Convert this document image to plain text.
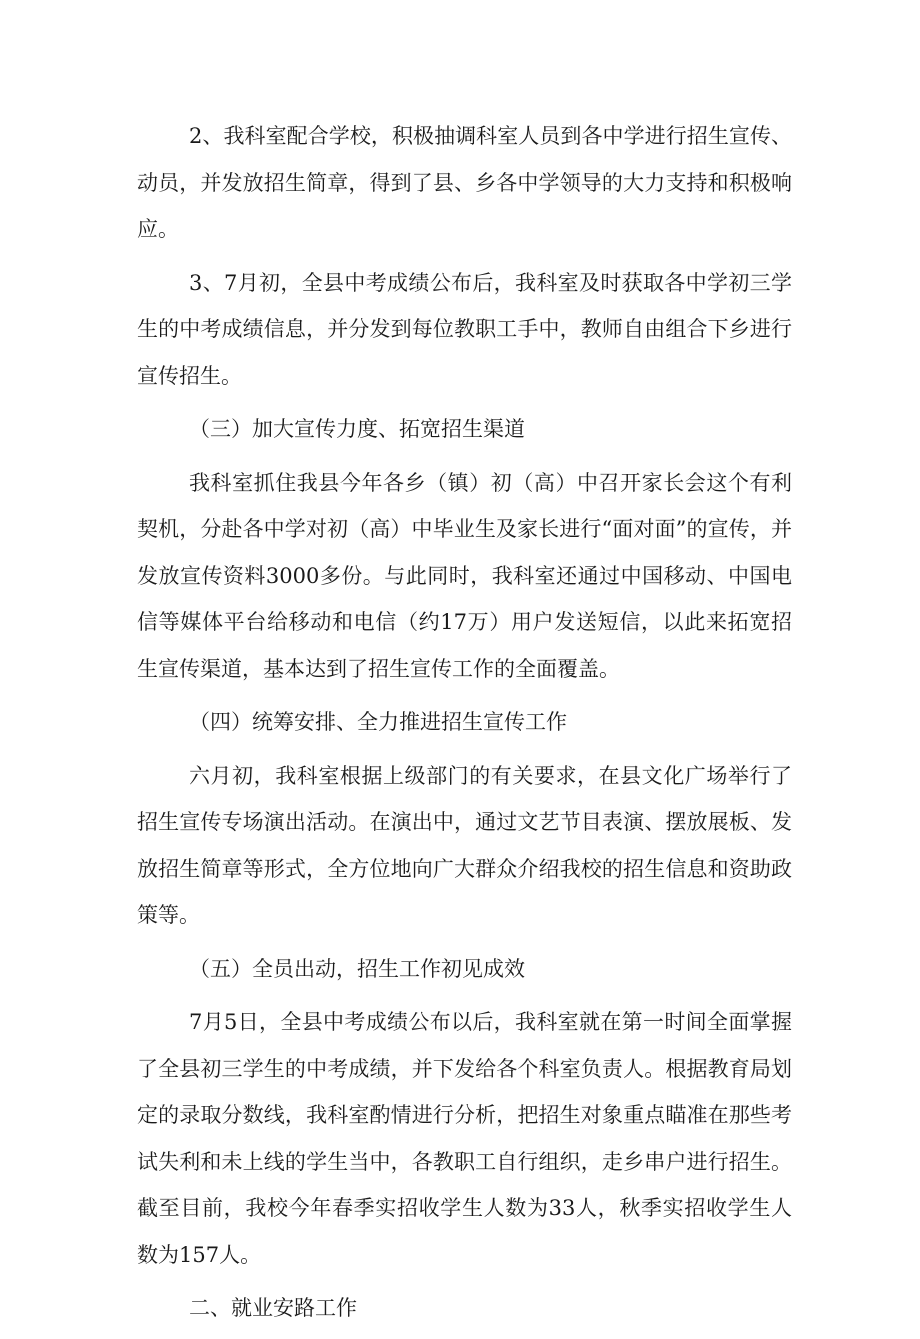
2、我科室配合学校，积极抽调科室人员到各中学进行招生宣传、动员，并发放招生简章，得到了县、乡各中学领导的大力支持和积极响应。

3、7月初，全县中考成绩公布后，我科室及时获取各中学初三学生的中考成绩信息，并分发到每位教职工手中，教师自由组合下乡进行宣传招生。

（三）加大宣传力度、拓宽招生渠道

我科室抓住我县今年各乡（镇）初（高）中召开家长会这个有利契机，分赴各中学对初（高）中毕业生及家长进行“面对面”的宣传，并发放宣传资料3000多份。与此同时，我科室还通过中国移动、中国电信等媒体平台给移动和电信（约17万）用户发送短信，以此来拓宽招生宣传渠道，基本达到了招生宣传工作的全面覆盖。

（四）统筹安排、全力推进招生宣传工作

六月初，我科室根据上级部门的有关要求，在县文化广场举行了招生宣传专场演出活动。在演出中，通过文艺节目表演、摆放展板、发放招生简章等形式，全方位地向广大群众介绍我校的招生信息和资助政策等。

（五）全员出动，招生工作初见成效

7月5日，全县中考成绩公布以后，我科室就在第一时间全面掌握了全县初三学生的中考成绩，并下发给各个科室负责人。根据教育局划定的录取分数线，我科室酌情进行分析，把招生对象重点瞄准在那些考试失利和未上线的学生当中，各教职工自行组织，走乡串户进行招生。截至目前，我校今年春季实招收学生人数为33人，秋季实招收学生人数为157人。

二、就业安路工作
